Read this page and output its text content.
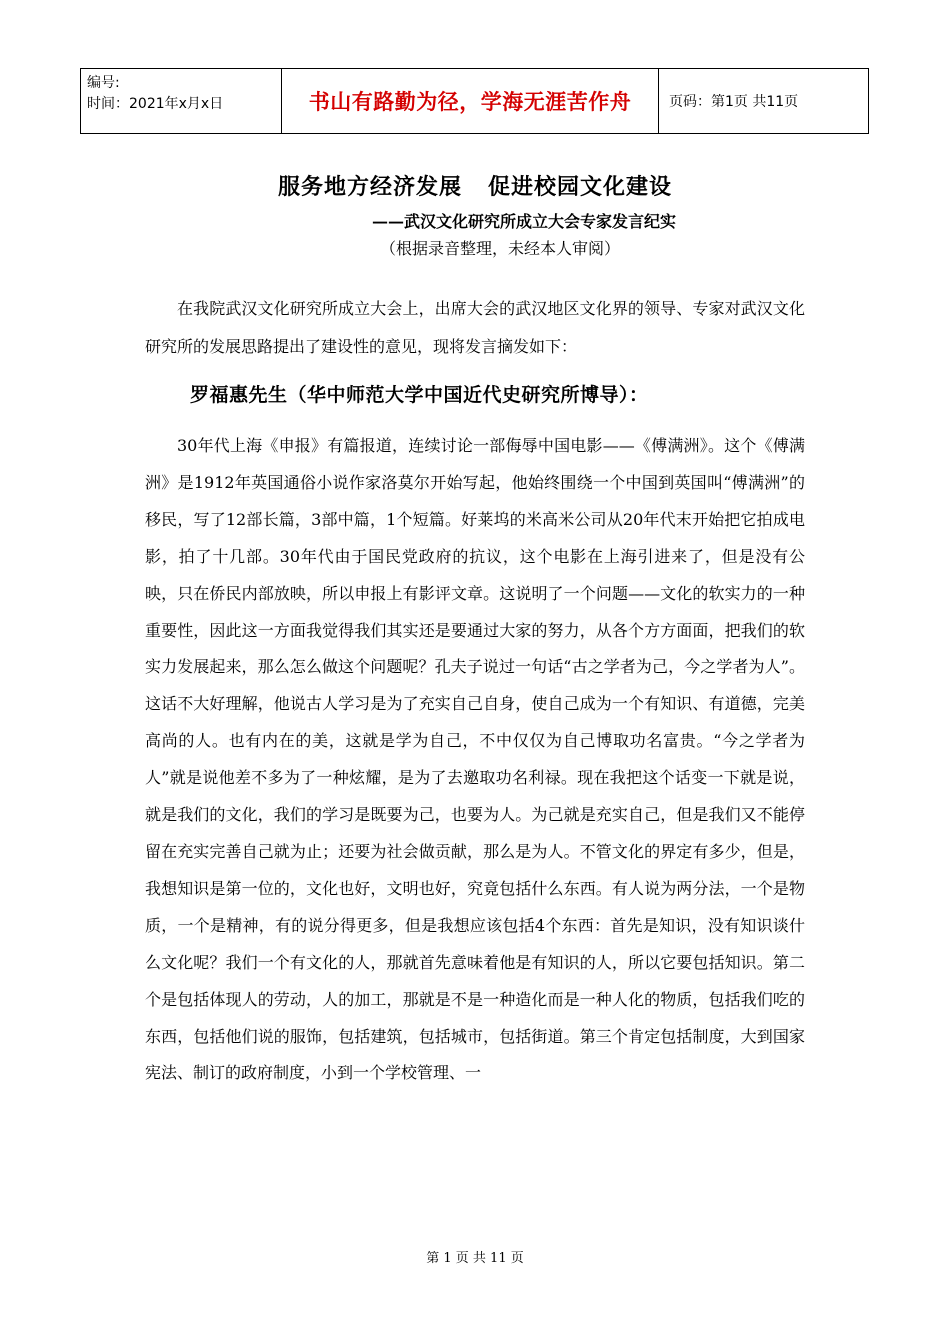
编号:
时间：2021年x月x日	书山有路勤为径，学海无涯苦作舟	页码：第1页 共11页
服务地方经济发展   促进校园文化建设
——武汉文化研究所成立大会专家发言纪实
（根据录音整理，未经本人审阅）

在我院武汉文化研究所成立大会上，出席大会的武汉地区文化界的领导、专家对武汉文化研究所的发展思路提出了建设性的意见，现将发言摘发如下：

罗福惠先生（华中师范大学中国近代史研究所博导）：

30年代上海《申报》有篇报道，连续讨论一部侮辱中国电影——《傅满洲》。这个《傅满洲》是1912年英国通俗小说作家洛莫尔开始写起，他始终围绕一个中国到英国叫“傅满洲”的移民，写了12部长篇，3部中篇，1个短篇。好莱坞的米高米公司从20年代末开始把它拍成电影，拍了十几部。30年代由于国民党政府的抗议，这个电影在上海引进来了，但是没有公映，只在侨民内部放映，所以申报上有影评文章。这说明了一个问题——文化的软实力的一种重要性，因此这一方面我觉得我们其实还是要通过大家的努力，从各个方方面面，把我们的软实力发展起来，那么怎么做这个问题呢？孔夫子说过一句话“古之学者为己，今之学者为人”。这话不大好理解，他说古人学习是为了充实自己自身，使自己成为一个有知识、有道德，完美高尚的人。也有内在的美，这就是学为自己，不中仅仅为自己博取功名富贵。“今之学者为人”就是说他差不多为了一种炫耀，是为了去邀取功名利禄。现在我把这个话变一下就是说，就是我们的文化，我们的学习是既要为己，也要为人。为己就是充实自己，但是我们又不能停留在充实完善自己就为止；还要为社会做贡献，那么是为人。不管文化的界定有多少，但是，我想知识是第一位的，文化也好，文明也好，究竟包括什么东西。有人说为两分法，一个是物质，一个是精神，有的说分得更多，但是我想应该包括4个东西：首先是知识，没有知识谈什么文化呢？我们一个有文化的人，那就首先意味着他是有知识的人，所以它要包括知识。第二个是包括体现人的劳动，人的加工，那就是不是一种造化而是一种人化的物质，包括我们吃的东西，包括他们说的服饰，包括建筑，包括城市，包括街道。第三个肯定包括制度，大到国家宪法、制订的政府制度，小到一个学校管理、一

第 1 页 共 11 页
